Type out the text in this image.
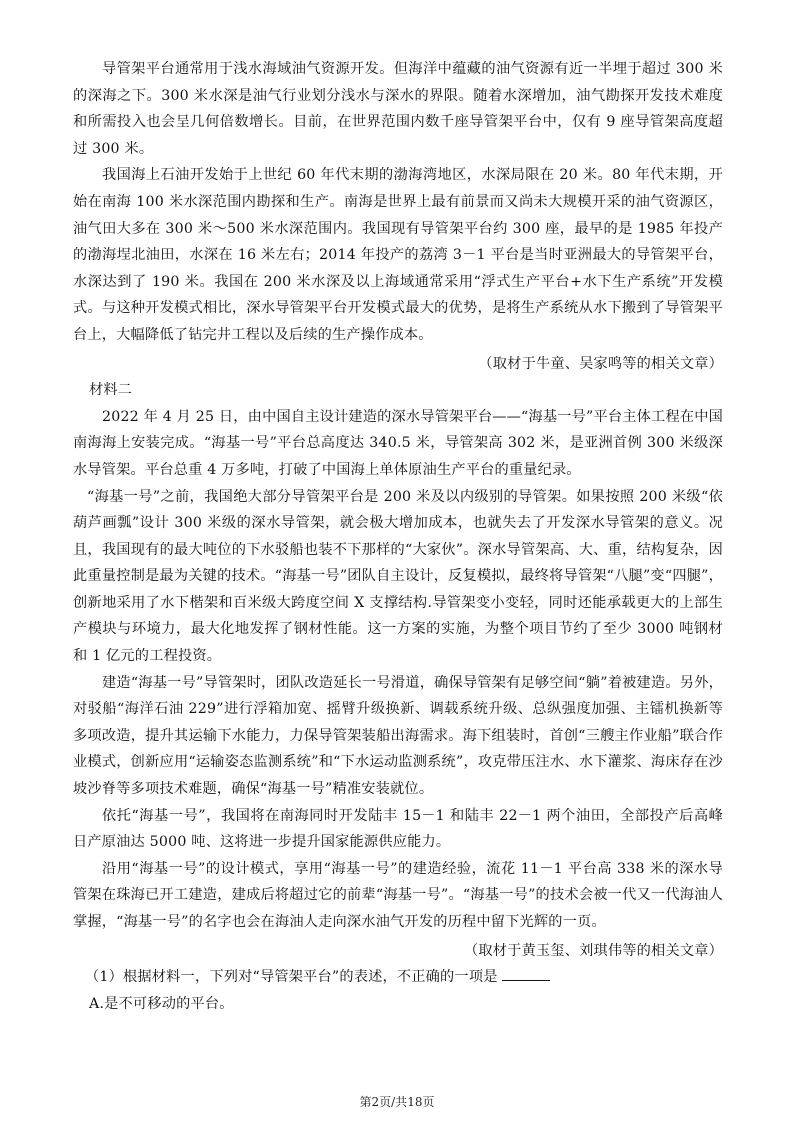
导管架平台通常用于浅水海域油气资源开发。但海洋中蕴藏的油气资源有近一半埋于超过 300 米的深海之下。300 米水深是油气行业划分浅水与深水的界限。随着水深增加，油气勘探开发技术难度和所需投入也会呈几何倍数增长。目前，在世界范围内数千座导管架平台中，仅有 9 座导管架高度超过 300 米。

我国海上石油开发始于上世纪 60 年代末期的渤海湾地区，水深局限在 20 米。80 年代末期，开始在南海 100 米水深范围内勘探和生产。南海是世界上最有前景而又尚未大规模开采的油气资源区，油气田大多在 300 米～500 米水深范围内。我国现有导管架平台约 300 座，最早的是 1985 年投产的渤海埕北油田，水深在 16 米左右；2014 年投产的荔湾 3－1 平台是当时亚洲最大的导管架平台，水深达到了 190 米。我国在 200 米水深及以上海域通常采用“浮式生产平台+水下生产系统”开发模式。与这种开发模式相比，深水导管架平台开发模式最大的优势，是将生产系统从水下搬到了导管架平台上，大幅降低了钻完井工程以及后续的生产操作成本。

（取材于牛童、吴家鸣等的相关文章）

材料二

2022 年 4 月 25 日，由中国自主设计建造的深水导管架平台——“海基一号”平台主体工程在中国南海海上安装完成。“海基一号”平台总高度达 340.5 米，导管架高 302 米，是亚洲首例 300 米级深水导管架。平台总重 4 万多吨，打破了中国海上单体原油生产平台的重量纪录。

“海基一号”之前，我国绝大部分导管架平台是 200 米及以内级别的导管架。如果按照 200 米级“依葫芦画瓢”设计 300 米级的深水导管架，就会极大增加成本，也就失去了开发深水导管架的意义。况且，我国现有的最大吨位的下水驳船也装不下那样的“大家伙”。深水导管架高、大、重，结构复杂，因此重量控制是最为关键的技术。“海基一号”团队自主设计，反复模拟，最终将导管架“八腿”变“四腿”，创新地采用了水下楷架和百米级大跨度空间 X 支撑结构.导管架变小变轻，同时还能承载更大的上部生产模块与环境力，最大化地发挥了钢材性能。这一方案的实施，为整个项目节约了至少 3000 吨钢材和 1 亿元的工程投资。

建造“海基一号”导管架时，团队改造延长一号滑道，确保导管架有足够空间“躺”着被建造。另外，对驳船“海洋石油 229”进行浮箱加宽、摇臂升级换新、调载系统升级、总纵强度加强、主镭机换新等多项改造，提升其运输下水能力，力保导管架装船出海需求。海下组装时，首创“三艘主作业船”联合作业模式，创新应用“运输姿态监测系统”和“下水运动监测系统”，攻克带压注水、水下灌浆、海床存在沙坡沙脊等多项技术难题，确保“海基一号”精准安装就位。

依托“海基一号”，我国将在南海同时开发陆丰 15－1 和陆丰 22－1 两个油田，全部投产后高峰日产原油达 5000 吨、这将进一步提升国家能源供应能力。

沿用“海基一号”的设计模式，享用“海基一号”的建造经验，流花 11－1 平台高 338 米的深水导管架在珠海已开工建造，建成后将超过它的前辈“海基一号”。“海基一号”的技术会被一代又一代海油人掌握，“海基一号”的名字也会在海油人走向深水油气开发的历程中留下光辉的一页。

（取材于黄玉玺、刘琪伟等的相关文章）

（1）根据材料一，下列对“导管架平台”的表述，不正确的一项是

A.是不可移动的平台。

第2页/共18页
